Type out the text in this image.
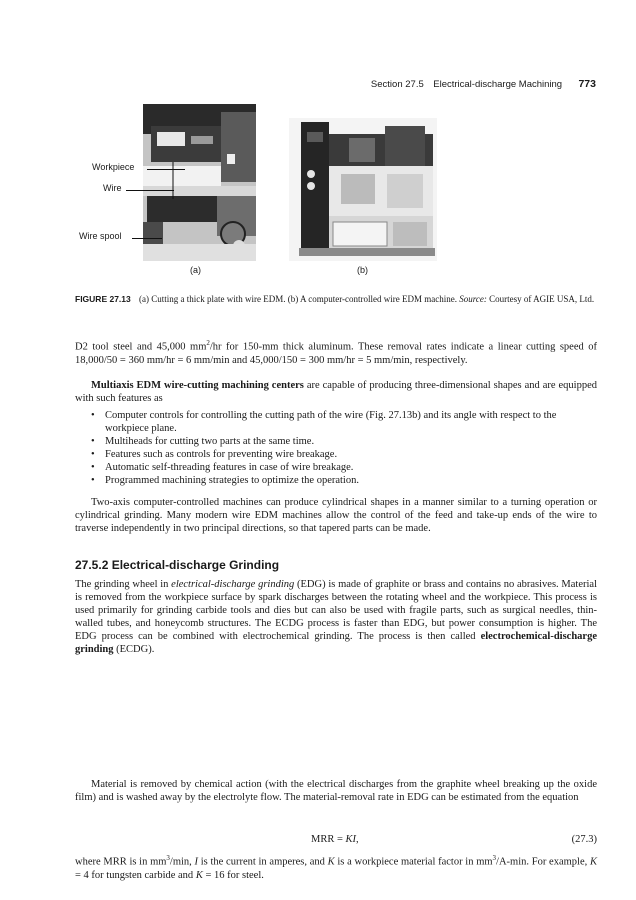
Section 27.5 Electrical-discharge Machining 773
Workpiece
Wire
Wire spool
(a)	(b)
FIGURE 27.13 (a) Cutting a thick plate with wire EDM. (b) A computer-controlled wire EDM machine. Source: Courtesy of AGIE USA, Ltd.
D2 tool steel and 45,000 $mm^2/hr$ for 150-mm thick aluminum. These removal rates indicate a linear cutting speed of 18,000/50 = 360 mm/hr = 6 mm/min and 45,000/150 = 300 mm/hr = 5 mm/min, respectively.
Multiaxis EDM wire-cutting machining centers are capable of producing three-dimensional shapes and are equipped with such features as
• Computer controls for controlling the cutting path of the wire (Fig. 27.13b) and its angle with respect to the workpiece plane.
• Multiheads for cutting two parts at the same time.
• Features such as controls for preventing wire breakage.
• Automatic self-threading features in case of wire breakage.
• Programmed machining strategies to optimize the operation.
Two-axis computer-controlled machines can produce cylindrical shapes in a manner similar to a turning operation or cylindrical grinding. Many modern wire EDM machines allow the control of the feed and take-up ends of the wire to traverse independently in two principal directions, so that tapered parts can be made.
27.5.2 Electrical-discharge Grinding
The grinding wheel in electrical-discharge grinding (EDG) is made of graphite or brass and contains no abrasives. Material is removed from the workpiece surface by spark discharges between the rotating wheel and the workpiece. This process is used primarily for grinding carbide tools and dies but can also be used with fragile parts, such as surgical needles, thin-walled tubes, and honeycomb structures. The ECDG process is faster than EDG, but power consumption is higher. The EDG process can be combined with electrochemical grinding. The process is then called electrochemical-discharge grinding (ECDG).
Material is removed by chemical action (with the electrical discharges from the graphite wheel breaking up the oxide film) and is washed away by the electrolyte flow. The material-removal rate in EDG can be estimated from the equation
MRR = KI,	(27.3)
where MRR is in $mm^3/\min$, I is the current in amperes, and K is a workpiece material factor in $mm^3/A-\min$. For example, K = 4 for tungsten carbide and K = 16 for steel.
